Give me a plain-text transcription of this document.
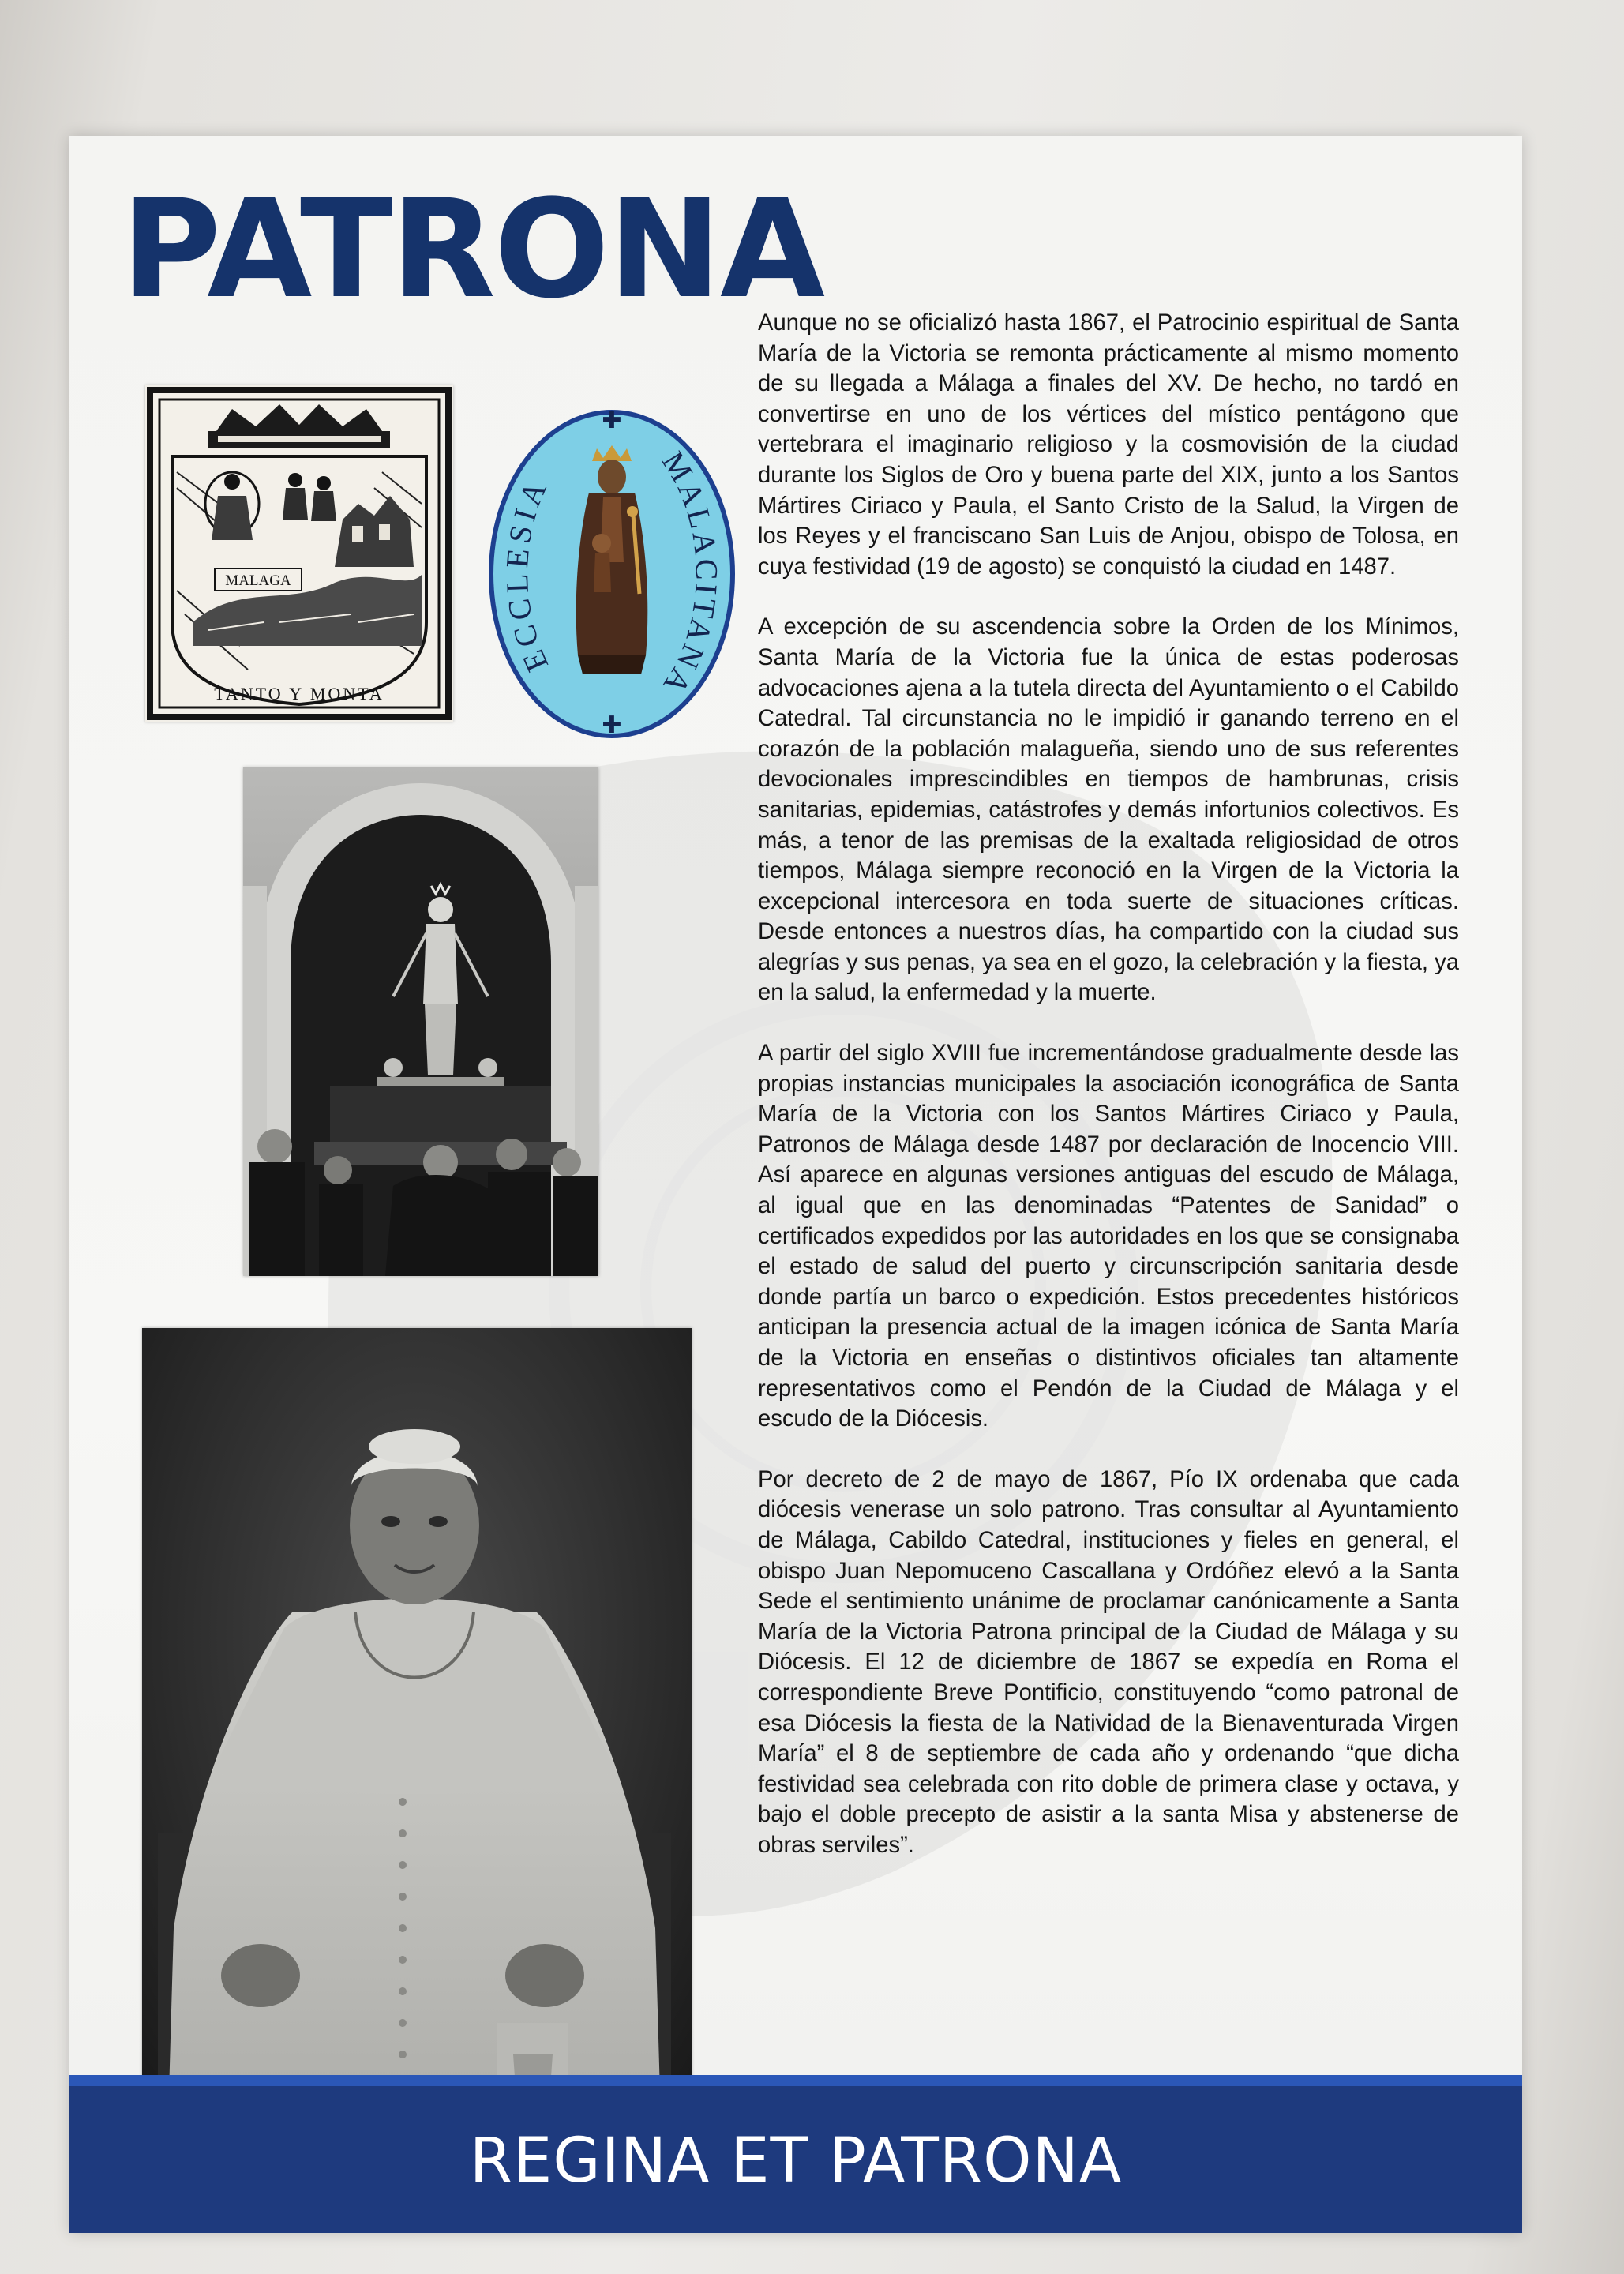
PATRONA
MALAGA
TANTO Y MONTA
ECCLESIA
MALACITANA
✚
✚

Aunque no se oficializó hasta 1867, el Patrocinio espiritual de Santa María de la Victoria se remonta prácticamente al mismo momento de su llegada a Málaga a finales del XV. De hecho, no tardó en convertirse en uno de los vértices del místico pentágono que vertebrara el imaginario religioso y la cosmovisión de la ciudad durante los Siglos de Oro y buena parte del XIX, junto a los Santos Mártires Ciriaco y Paula, el Santo Cristo de la Salud, la Virgen de los Reyes y el franciscano San Luis de Anjou, obispo de Tolosa, en cuya festividad (19 de agosto) se conquistó la ciudad en 1487.

A excepción de su ascendencia sobre la Orden de los Mínimos, Santa María de la Victoria fue la única de estas poderosas advocaciones ajena a la tutela directa del Ayuntamiento o el Cabildo Catedral. Tal circunstancia no le impidió ir ganando terreno en el corazón de la población malagueña, siendo uno de sus referentes devocionales imprescindibles en tiempos de hambrunas, crisis sanitarias, epidemias, catástrofes y demás infortunios colectivos. Es más, a tenor de las premisas de la exaltada religiosidad de otros tiempos, Málaga siempre reconoció en la Virgen de la Victoria la excepcional intercesora en toda suerte de situaciones críticas. Desde entonces a nuestros días, ha compartido con la ciudad sus alegrías y sus penas, ya sea en el gozo, la celebración y la fiesta, ya en la salud, la enfermedad y la muerte.

A partir del siglo XVIII fue incrementándose gradualmente desde las propias instancias municipales la asociación iconográfica de Santa María de la Victoria con los Santos Mártires Ciriaco y Paula, Patronos de Málaga desde 1487 por declaración de Inocencio VIII. Así aparece en algunas versiones antiguas del escudo de Málaga, al igual que en las denominadas “Patentes de Sanidad” o certificados expedidos por las autoridades en los que se consignaba el estado de salud del puerto y circunscripción sanitaria desde donde partía un barco o expedición. Estos precedentes históricos anticipan la presencia actual de la imagen icónica de Santa María de la Victoria en enseñas o distintivos oficiales tan altamente representativos como el Pendón de la Ciudad de Málaga y el escudo de la Diócesis.

Por decreto de 2 de mayo de 1867, Pío IX ordenaba que cada diócesis venerase un solo patrono. Tras consultar al Ayuntamiento de Málaga, Cabildo Catedral, instituciones y fieles en general, el obispo Juan Nepomuceno Cascallana y Ordóñez elevó a la Santa Sede el sentimiento unánime de proclamar canónicamente a Santa María de la Victoria Patrona principal de la Ciudad de Málaga y su Diócesis. El 12 de diciembre de 1867 se expedía en Roma el correspondiente Breve Pontificio, constituyendo “como patronal de esa Diócesis la fiesta de la Natividad de la Bienaventurada Virgen María” el 8 de septiembre de cada año y ordenando “que dicha festividad sea celebrada con rito doble de primera clase y octava, y bajo el doble precepto de asistir a la santa Misa y abstenerse de obras serviles”.

REGINA ET PATRONA
